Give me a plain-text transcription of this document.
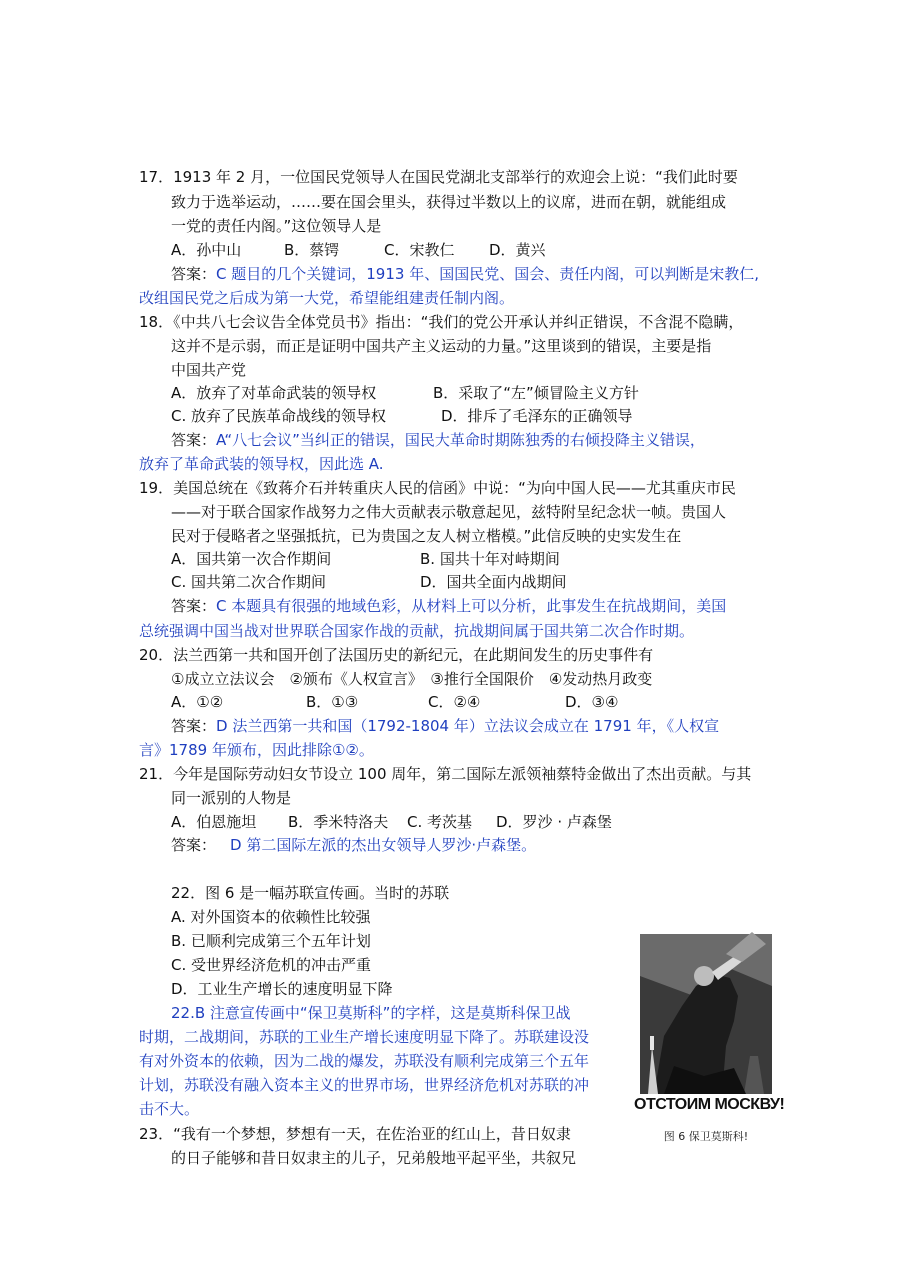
17．1913 年 2 月，一位国民党领导人在国民党湖北支部举行的欢迎会上说：“我们此时要
致力于选举运动，……要在国会里头，获得过半数以上的议席，进而在朝，就能组成
一党的责任内阁。”这位领导人是
A．孙中山	B．蔡锷	C．宋教仁 D．黄兴
答案：C 题目的几个关键词，1913 年、国国民党、国会、责任内阁，可以判断是宋教仁,
改组国民党之后成为第一大党，希望能组建责任制内阁。
18．《中共八七会议告全体党员书》指出：“我们的党公开承认并纠正错误，不含混不隐瞒，
这并不是示弱，而正是证明中国共产主义运动的力量。”这里谈到的错误，主要是指
中国共产党
A．放弃了对革命武装的领导权	B．采取了“左”倾冒险主义方针
C. 放弃了民族革命战线的领导权	D．排斥了毛泽东的正确领导
答案：A“八七会议”当纠正的错误，国民大革命时期陈独秀的右倾投降主义错误，
放弃了革命武装的领导权，因此选 A.
19．美国总统在《致蒋介石并转重庆人民的信函》中说：“为向中国人民——尤其重庆市民
——对于联合国家作战努力之伟大贡献表示敬意起见，兹特附呈纪念状一帧。贵国人
民对于侵略者之坚强抵抗，已为贵国之友人树立楷模。”此信反映的史实发生在
A．国共第一次合作期间	B. 国共十年对峙期间
C. 国共第二次合作期间	D．国共全面内战期间
答案：C 本题具有很强的地域色彩，从材料上可以分析，此事发生在抗战期间，美国
总统强调中国当战对世界联合国家作战的贡献，抗战期间属于国共第二次合作时期。
20．法兰西第一共和国开创了法国历史的新纪元，在此期间发生的历史事件有
①成立立法议会　②颁布《人权宣言》　③推行全国限价　④发动热月政变
A．①②	B．①③	C．②④	D．③④
答案：D 法兰西第一共和国（1792-1804 年）立法议会成立在 1791 年，《人权宣
言》1789 年颁布，因此排除①②。
21．今年是国际劳动妇女节设立 100 周年，第二国际左派领袖蔡特金做出了杰出贡献。与其
同一派别的人物是
A．伯恩施坦 B．季米特洛夫 C. 考茨基 D．罗沙 · 卢森堡
答案： D 第二国际左派的杰出女领导人罗沙·卢森堡。
22．图 6 是一幅苏联宣传画。当时的苏联
A. 对外国资本的依赖性比较强
B. 已顺利完成第三个五年计划
C. 受世界经济危机的冲击严重
D．工业生产增长的速度明显下降
22.B 注意宣传画中“保卫莫斯科”的字样，这是莫斯科保卫战
时期，二战期间，苏联的工业生产增长速度明显下降了。苏联建设没
有对外资本的依赖，因为二战的爆发，苏联没有顺利完成第三个五年
计划，苏联没有融入资本主义的世界市场，世界经济危机对苏联的冲
击不大。	ОТСТОИМ МОСКВУ!
图 6 保卫莫斯科!
23．“我有一个梦想，梦想有一天，在佐治亚的红山上，昔日奴隶
的日子能够和昔日奴隶主的儿子，兄弟般地平起平坐，共叙兄
